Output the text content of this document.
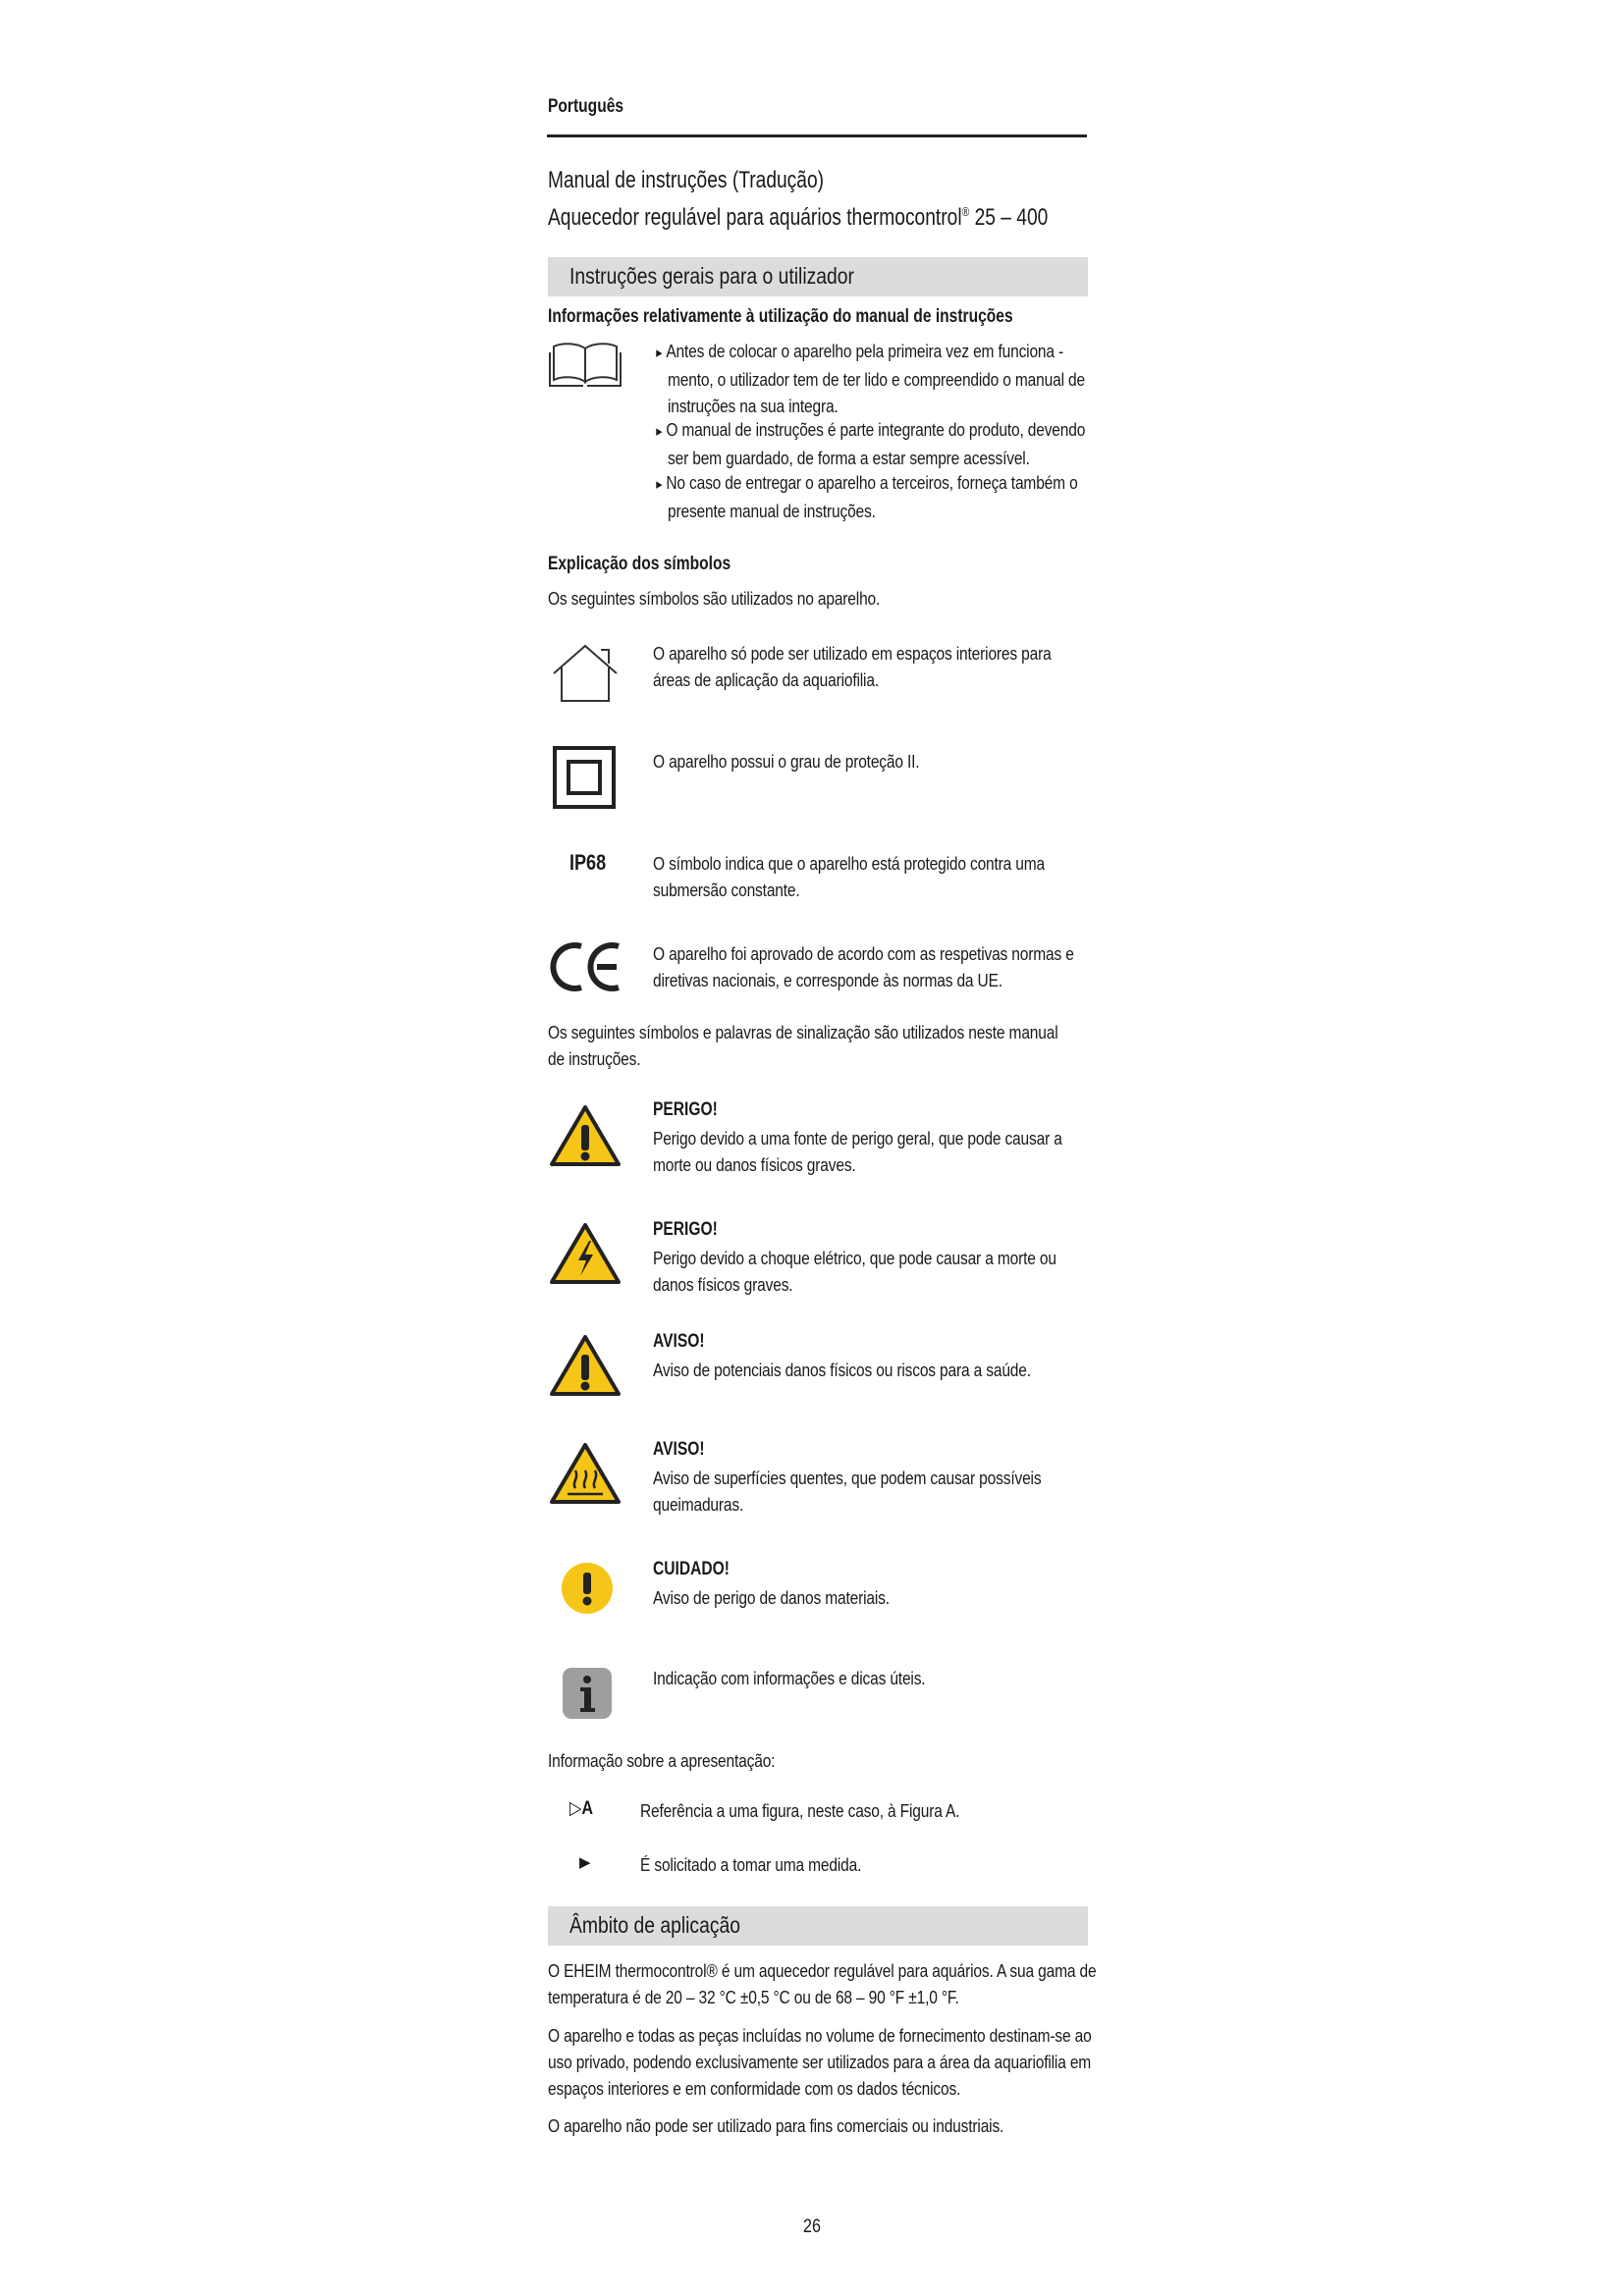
Português
Manual de instruções (Tradução)
Aquecedor regulável para aquários thermocontrol® 25 – 400
Instruções gerais para o utilizador
Informações relativamente à utilização do manual de instruções
▸ Antes de colocar o aparelho pela primeira vez em funciona -
mento, o utilizador tem de ter lido e compreendido o manual de
instruções na sua integra.
▸ O manual de instruções é parte integrante do produto, devendo
ser bem guardado, de forma a estar sempre acessível.
▸ No caso de entregar o aparelho a terceiros, forneça também o
presente manual de instruções.
Explicação dos símbolos
Os seguintes símbolos são utilizados no aparelho.
O aparelho só pode ser utilizado em espaços interiores para
áreas de aplicação da aquariofilia.
O aparelho possui o grau de proteção II.
IP68	O símbolo indica que o aparelho está protegido contra uma
submersão constante.
O aparelho foi aprovado de acordo com as respetivas normas e
diretivas nacionais, e corresponde às normas da UE.
Os seguintes símbolos e palavras de sinalização são utilizados neste manual
de instruções.
PERIGO!
Perigo devido a uma fonte de perigo geral, que pode causar a
morte ou danos físicos graves.
PERIGO!
Perigo devido a choque elétrico, que pode causar a morte ou
danos físicos graves.
AVISO!
Aviso de potenciais danos físicos ou riscos para a saúde.
AVISO!
Aviso de superfícies quentes, que podem causar possíveis
queimaduras.
CUIDADO!
Aviso de perigo de danos materiais.
Indicação com informações e dicas úteis.
Informação sobre a apresentação:
▷A	Referência a uma figura, neste caso, à Figura A.
▶	É solicitado a tomar uma medida.
Âmbito de aplicação
O EHEIM thermocontrol® é um aquecedor regulável para aquários. A sua gama de
temperatura é de 20 – 32 °C ±0,5 °C ou de 68 – 90 °F ±1,0 °F.
O aparelho e todas as peças incluídas no volume de fornecimento destinam-se ao
uso privado, podendo exclusivamente ser utilizados para a área da aquariofilia em
espaços interiores e em conformidade com os dados técnicos.
O aparelho não pode ser utilizado para fins comerciais ou industriais.
26
